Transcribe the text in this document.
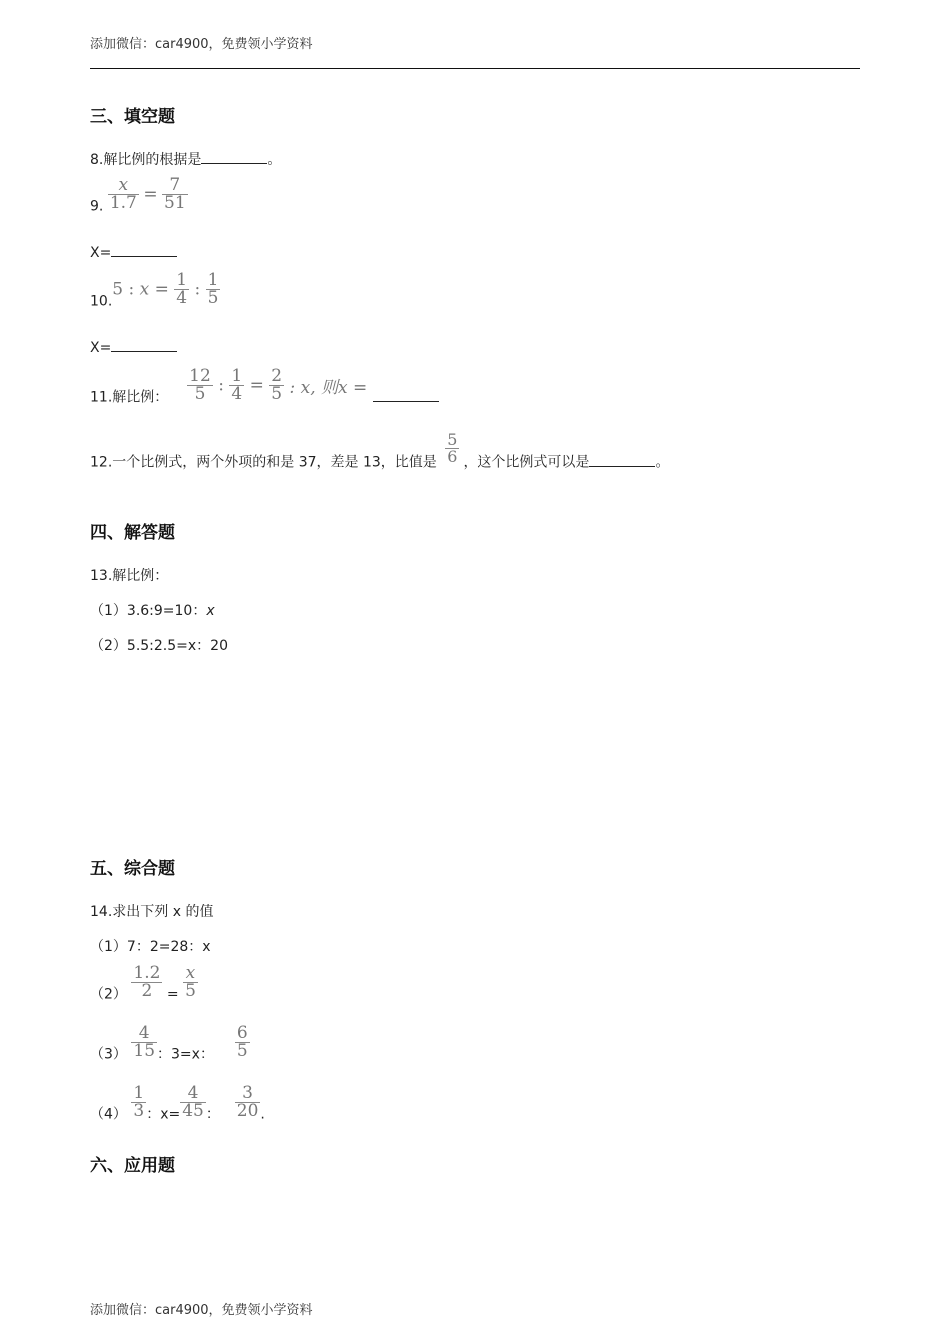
添加微信：car4900，免费领小学资料
三、填空题
8.解比例的根据是	。
9. $\frac{x}{1.7} = \frac{7}{51}$
X=
10.5 : $x = \frac{1}{4}$ : $\frac{1}{5}$
X=
11.解比例： $\frac{12}{5}$ : $\frac{1}{4} = \frac{2}{5}$ : x, 则x =
12.一个比例式，两个外项的和是 37，差是 13，比值是 $\frac{5}{6}$ ，这个比例式可以是	。
四、解答题
13.解比例：
（1）3.6:9=10：x
（2）5.5:2.5=x：20
五、综合题
14.求出下列 x 的值
（1）7：2=28：x
$(2) \frac{1.2}{2} = \frac{x}{5}$
$(3) \frac{4}{15}$ ：3=x： $\frac{6}{5}$
$(4) \frac{1}{3}$ ：$x= \frac{4}{45}$ ： $\frac{3}{20}$ .
六、应用题
添加微信：car4900，免费领小学资料
